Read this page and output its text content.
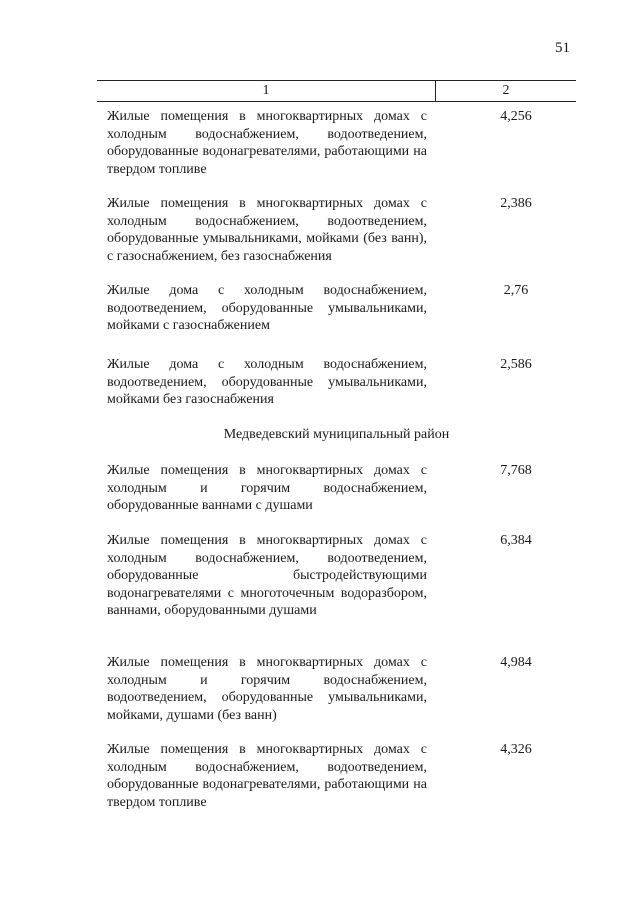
51
1	2
Жилые помещения в многоквартирных домах с холодным водоснабжением, водоотведением, оборудованные водонагревателями, работающими на твердом топливе
4,256
Жилые помещения в многоквартирных домах с холодным водоснабжением, водоотведением, оборудованные умывальниками, мойками (без ванн), с газоснабжением, без газоснабжения
2,386
Жилые дома с холодным водоснабжением, водоотведением, оборудованные умывальниками, мойками с газоснабжением
2,76
Жилые дома с холодным водоснабжением, водоотведением, оборудованные умывальниками, мойками без газоснабжения
2,586
Медведевский муниципальный район
Жилые помещения в многоквартирных домах с холодным и горячим водоснабжением, оборудованные ваннами с душами
7,768
Жилые помещения в многоквартирных домах с холодным водоснабжением, водоотведением, оборудованные быстродействующими водонагревателями с многоточечным водоразбором, ваннами, оборудованными душами
6,384
Жилые помещения в многоквартирных домах с холодным и горячим водоснабжением, водоотведением, оборудованные умывальниками, мойками, душами (без ванн)
4,984
Жилые помещения в многоквартирных домах с холодным водоснабжением, водоотведением, оборудованные водонагревателями, работающими на твердом топливе
4,326
